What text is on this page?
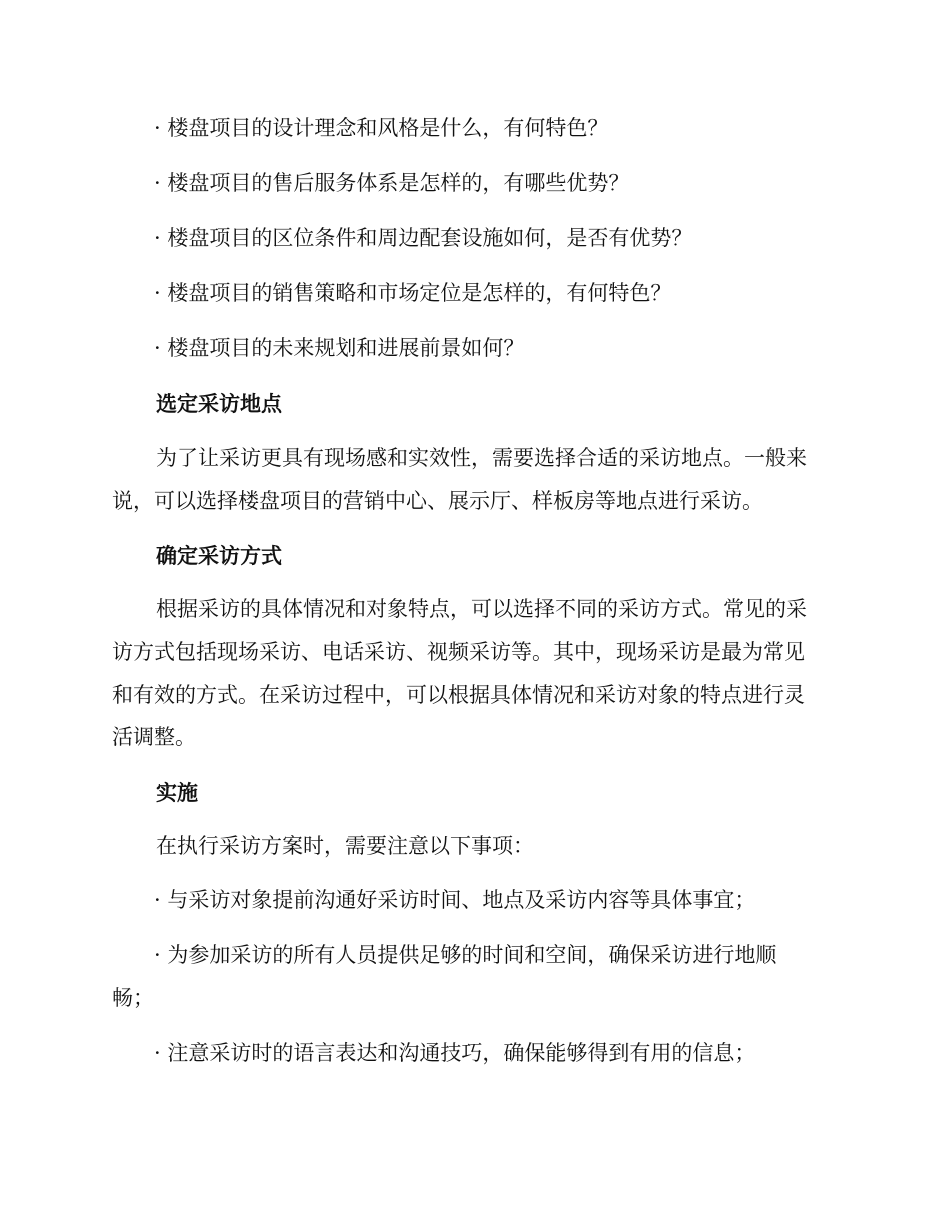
· 楼盘项目的设计理念和风格是什么，有何特色？
· 楼盘项目的售后服务体系是怎样的，有哪些优势？
· 楼盘项目的区位条件和周边配套设施如何，是否有优势？
· 楼盘项目的销售策略和市场定位是怎样的，有何特色？
· 楼盘项目的未来规划和进展前景如何？
选定采访地点
为了让采访更具有现场感和实效性，需要选择合适的采访地点。一般来
说，可以选择楼盘项目的营销中心、展示厅、样板房等地点进行采访。
确定采访方式
根据采访的具体情况和对象特点，可以选择不同的采访方式。常见的采
访方式包括现场采访、电话采访、视频采访等。其中，现场采访是最为常见
和有效的方式。在采访过程中，可以根据具体情况和采访对象的特点进行灵
活调整。
实施
在执行采访方案时，需要注意以下事项：
· 与采访对象提前沟通好采访时间、地点及采访内容等具体事宜；
· 为参加采访的所有人员提供足够的时间和空间，确保采访进行地顺
畅；
· 注意采访时的语言表达和沟通技巧，确保能够得到有用的信息；
